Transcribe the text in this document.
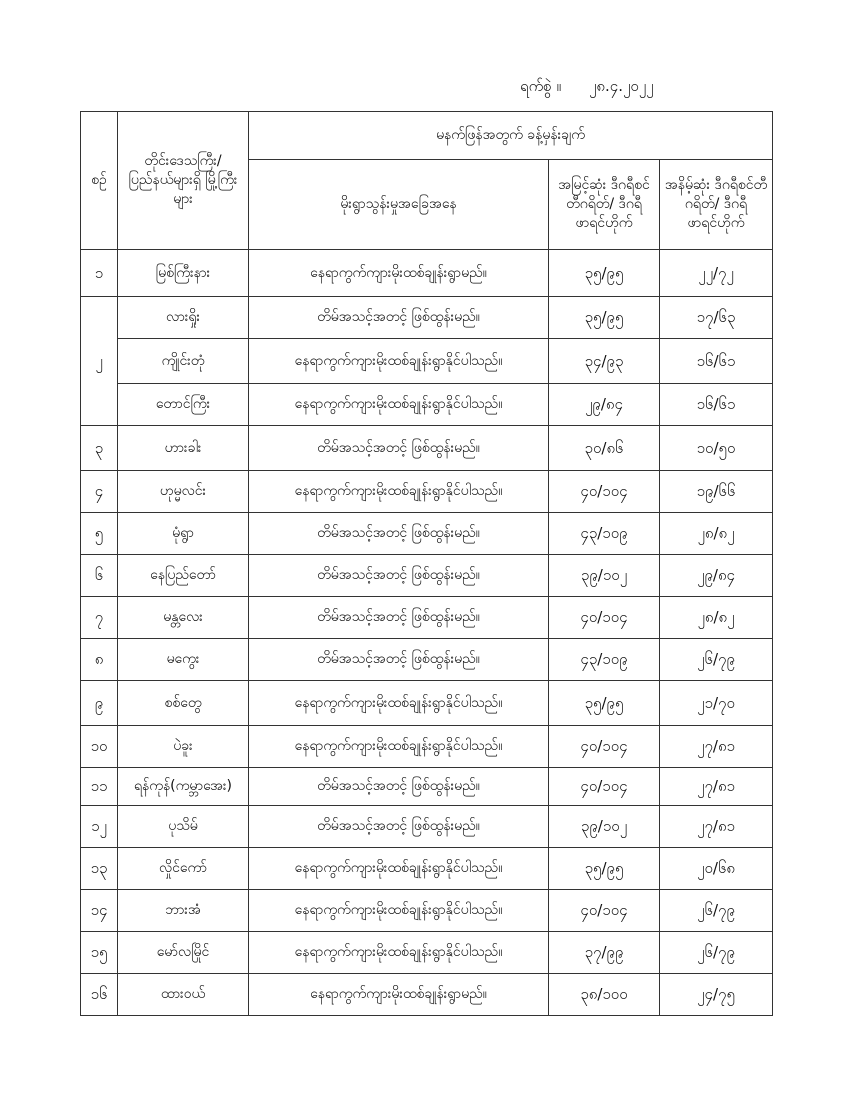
ရက်စွဲ ။ ၂၈.၄.၂၀၂၂
စဉ်	တိုင်းဒေသကြီး/ ပြည်နယ်များရှိ မြို့ကြီးများ	မနက်ဖြန်အတွက် ခန့်မှန်းချက်		
		မိုးရွာသွန်းမှုအခြေအနေ	အမြင့်ဆုံး ဒီဂရီစင်တီဂရိတ်/ ဒီဂရီဖာရင်ဟိုက်	အနိမ့်ဆုံး ဒီဂရီစင်တီဂရိတ်/ ဒီဂရီဖာရင်ဟိုက်
၁	မြစ်ကြီးနား	နေရာကွက်ကျားမိုးထစ်ချုန်းရွာမည်။	၃၅/၉၅	၂၂/၇၂
၂	လားရှိုး	တိမ်အသင့်အတင့် ဖြစ်ထွန်းမည်။	၃၅/၉၅	၁၇/၆၃
	ကျိုင်းတုံ	နေရာကွက်ကျားမိုးထစ်ချုန်းရွာနိုင်ပါသည်။	၃၄/၉၃	၁၆/၆၁
	တောင်ကြီး	နေရာကွက်ကျားမိုးထစ်ချုန်းရွာနိုင်ပါသည်။	၂၉/၈၄	၁၆/၆၁
၃	ဟားခါး	တိမ်အသင့်အတင့် ဖြစ်ထွန်းမည်။	၃၀/၈၆	၁၀/၅၀
၄	ဟုမ္မလင်း	နေရာကွက်ကျားမိုးထစ်ချုန်းရွာနိုင်ပါသည်။	၄၀/၁၀၄	၁၉/၆၆
၅	မုံရွာ	တိမ်အသင့်အတင့် ဖြစ်ထွန်းမည်။	၄၃/၁၀၉	၂၈/၈၂
၆	နေပြည်တော်	တိမ်အသင့်အတင့် ဖြစ်ထွန်းမည်။	၃၉/၁၀၂	၂၉/၈၄
၇	မန္တလေး	တိမ်အသင့်အတင့် ဖြစ်ထွန်းမည်။	၄၀/၁၀၄	၂၈/၈၂
၈	မကွေး	တိမ်အသင့်အတင့် ဖြစ်ထွန်းမည်။	၄၃/၁၀၉	၂၆/၇၉
၉	စစ်တွေ	နေရာကွက်ကျားမိုးထစ်ချုန်းရွာနိုင်ပါသည်။	၃၅/၉၅	၂၁/၇၀
၁၀	ပဲခူး	နေရာကွက်ကျားမိုးထစ်ချုန်းရွာနိုင်ပါသည်။	၄၀/၁၀၄	၂၇/၈၁
၁၁	ရန်ကုန်(ကမ္ဘာအေး)	တိမ်အသင့်အတင့် ဖြစ်ထွန်းမည်။	၄၀/၁၀၄	၂၇/၈၁
၁၂	ပုသိမ်	တိမ်အသင့်အတင့် ဖြစ်ထွန်းမည်။	၃၉/၁၀၂	၂၇/၈၁
၁၃	လှိုင်ကော်	နေရာကွက်ကျားမိုးထစ်ချုန်းရွာနိုင်ပါသည်။	၃၅/၉၅	၂၀/၆၈
၁၄	ဘားအံ	နေရာကွက်ကျားမိုးထစ်ချုန်းရွာနိုင်ပါသည်။	၄၀/၁၀၄	၂၆/၇၉
၁၅	မော်လမြိုင်	နေရာကွက်ကျားမိုးထစ်ချုန်းရွာနိုင်ပါသည်။	၃၇/၉၉	၂၆/၇၉
၁၆	ထားဝယ်	နေရာကွက်ကျားမိုးထစ်ချုန်းရွာမည်။	၃၈/၁၀၀	၂၄/၇၅
